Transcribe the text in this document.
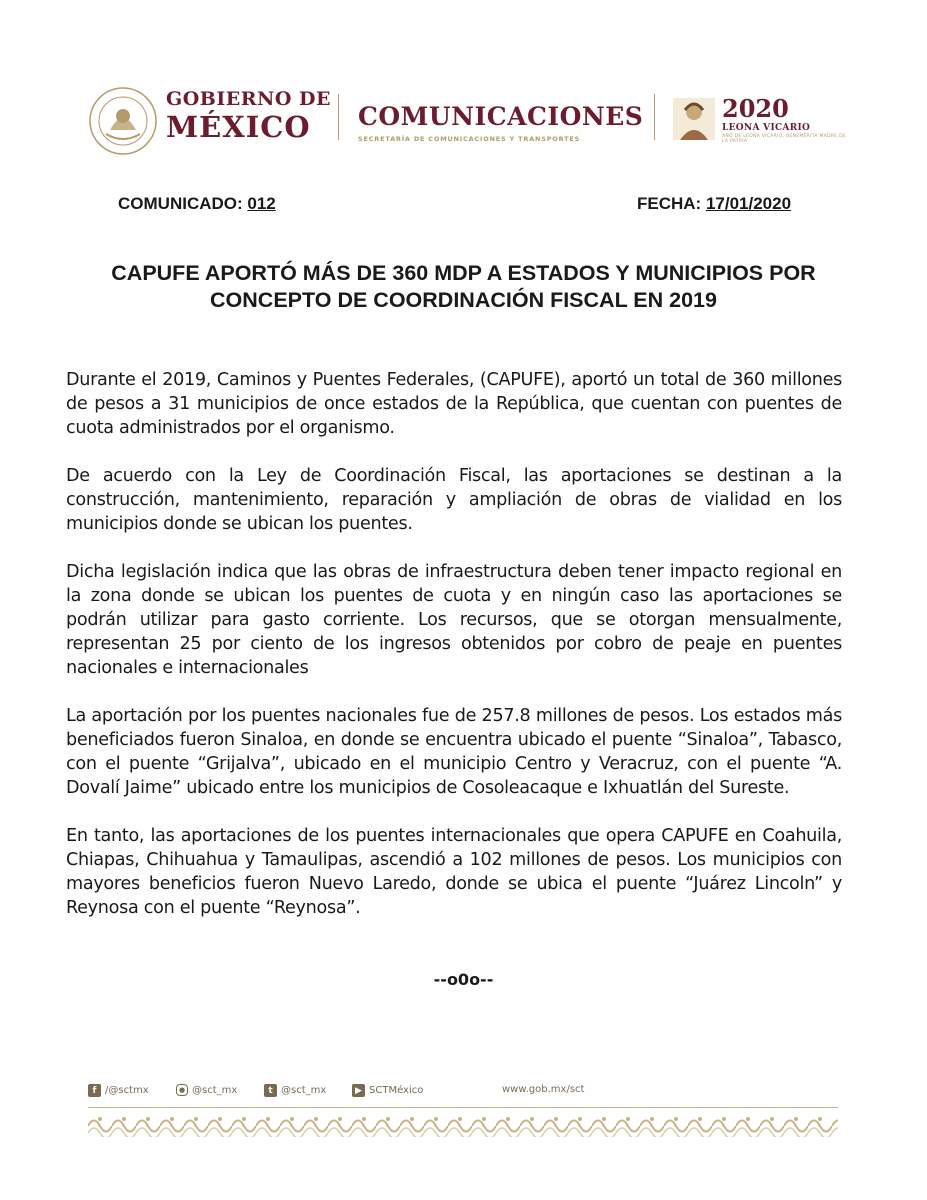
GOBIERNO DE
MÉXICO	COMUNICACIONES
SECRETARÍA DE COMUNICACIONES Y TRANSPORTES
2020
LEONA VICARIO
AÑO DE LEONA VICARIO, BENEMÉRITA MADRE DE LA PATRIA
COMUNICADO: 012	FECHA: 17/01/2020
CAPUFE APORTÓ MÁS DE 360 MDP A ESTADOS Y MUNICIPIOS POR CONCEPTO DE COORDINACIÓN FISCAL EN 2019

Durante el 2019, Caminos y Puentes Federales, (CAPUFE), aportó un total de 360 millones de pesos a 31 municipios de once estados de la República, que cuentan con puentes de cuota administrados por el organismo.

De acuerdo con la Ley de Coordinación Fiscal, las aportaciones se destinan a la construcción, mantenimiento, reparación y ampliación de obras de vialidad en los municipios donde se ubican los puentes.

Dicha legislación indica que las obras de infraestructura deben tener impacto regional en la zona donde se ubican los puentes de cuota y en ningún caso las aportaciones se podrán utilizar para gasto corriente. Los recursos, que se otorgan mensualmente, representan 25 por ciento de los ingresos obtenidos por cobro de peaje en puentes nacionales e internacionales

La aportación por los puentes nacionales fue de 257.8 millones de pesos. Los estados más beneficiados fueron Sinaloa, en donde se encuentra ubicado el puente “Sinaloa”, Tabasco, con el puente “Grijalva”, ubicado en el municipio Centro y Veracruz, con el puente “A. Dovalí Jaime” ubicado entre los municipios de Cosoleacaque e Ixhuatlán del Sureste.

En tanto, las aportaciones de los puentes internacionales que opera CAPUFE en Coahuila, Chiapas, Chihuahua y Tamaulipas, ascendió a 102 millones de pesos. Los municipios con mayores beneficios fueron Nuevo Laredo, donde se ubica el puente “Juárez Lincoln” y Reynosa con el puente “Reynosa”.

--o0o--
f /@sctmx	● @sct_mx	t @sct_mx	▶ SCTMéxico	www.gob.mx/sct
